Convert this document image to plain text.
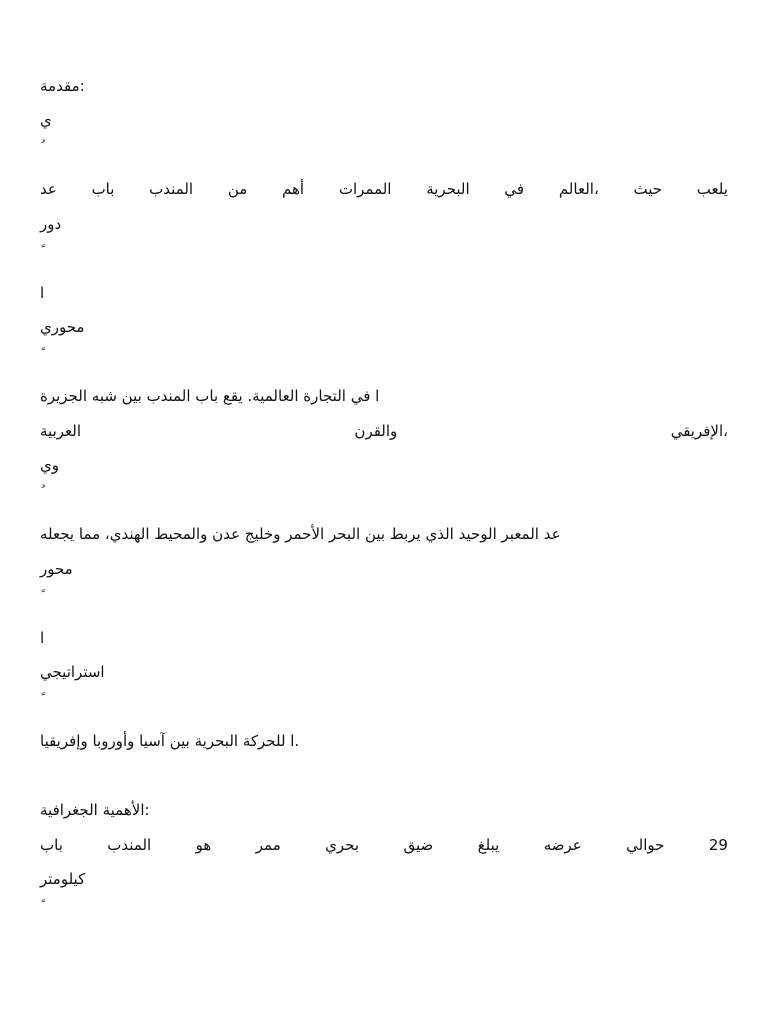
مقدمة:
ي
عد باب المندب من أهم الممرات البحرية في العالم، حيث يلعب
دور
ا
محوري
ا في التجارة العالمية. يقع باب المندب بين شبه الجزيرة
العربية	والقرن	الإفريقي،
وي
عد المعبر الوحيد الذي يربط بين البحر الأحمر وخليج عدن والمحيط الهندي، مما يجعله
محور
ا
استراتيجي
ا للحركة البحرية بين آسيا وأوروبا وإفريقيا.
الأهمية الجغرافية:
باب	المندب	هو	ممر	بحري	ضيق	يبلغ	عرضه	حوالي	29
كيلومتر
